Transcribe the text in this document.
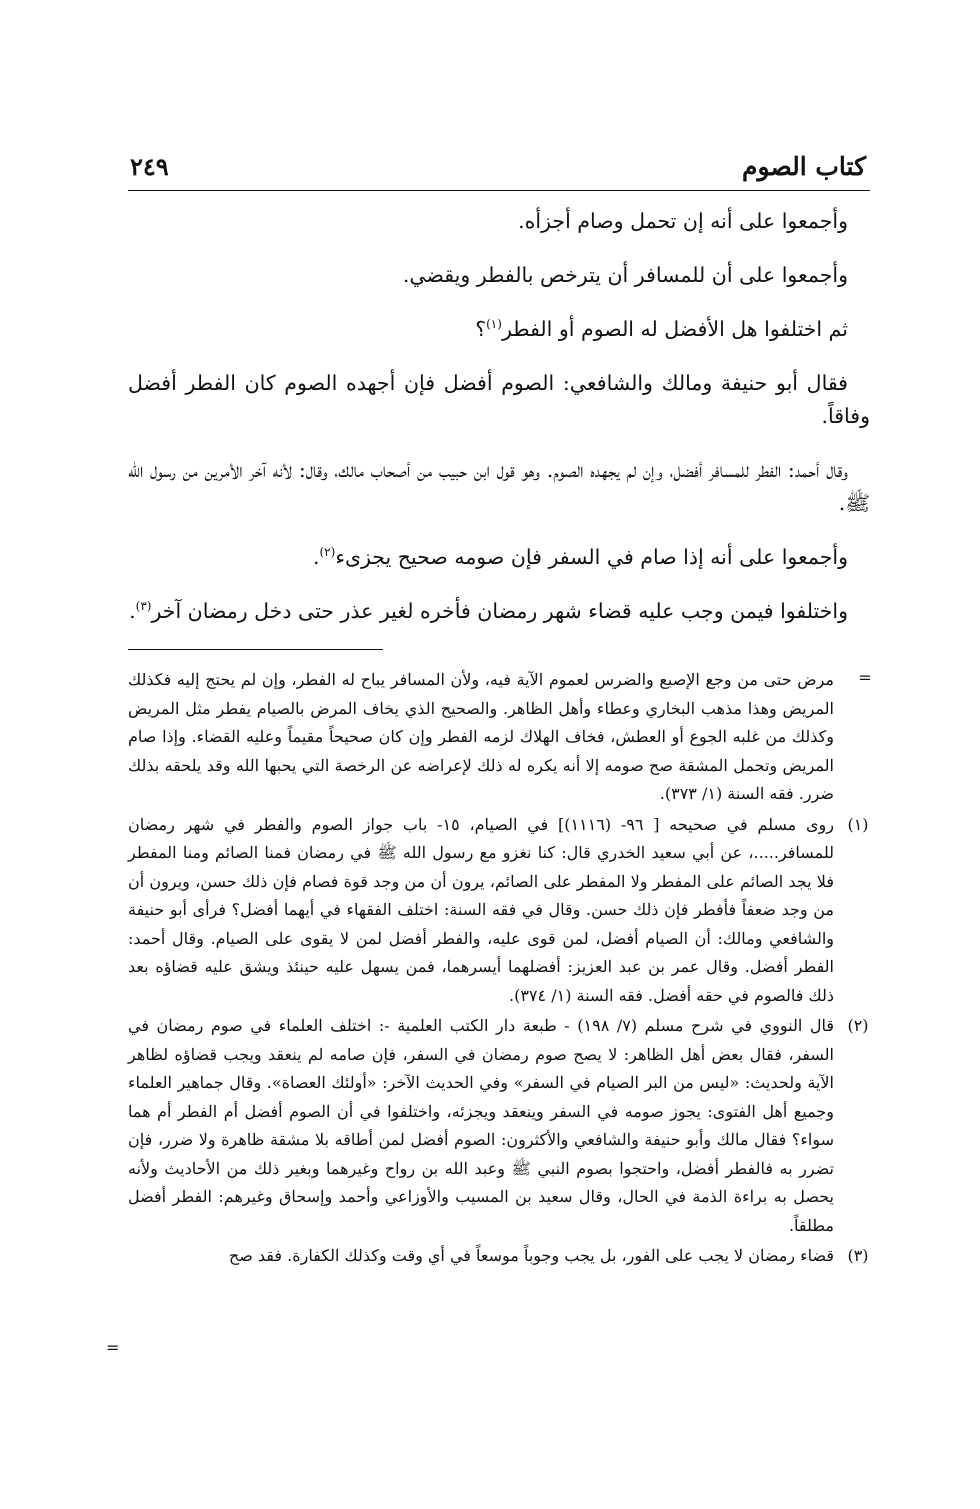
كتاب الصوم
٢٤٩

وأجمعوا على أنه إن تحمل وصام أجزأه.

وأجمعوا على أن للمسافر أن يترخص بالفطر ويقضي.

ثم اختلفوا هل الأفضل له الصوم أو الفطر$^{(١)}$؟

فقال أبو حنيفة ومالك والشافعي: الصوم أفضل فإن أجهده الصوم كان الفطر أفضل وفاقاً.

وقال أحمد: الفطر للمسافر أفضل، وإن لم يجهده الصوم. وهو قول ابن حبيب من أصحاب مالك، وقال: لأنه آخر الأمرين من رسول الله ﷺ.

وأجمعوا على أنه إذا صام في السفر فإن صومه صحيح يجزىء$^{(٢)}$.

واختلفوا فيمن وجب عليه قضاء شهر رمضان فأخره لغير عذر حتى دخل رمضان آخر$^{(٣)}$.

=
مرض حتى من وجع الإصبع والضرس لعموم الآية فيه، ولأن المسافر يباح له الفطر، وإن لم يحتج إليه فكذلك المريض وهذا مذهب البخاري وعطاء وأهل الظاهر. والصحيح الذي يخاف المرض بالصيام يفطر مثل المريض وكذلك من غلبه الجوع أو العطش، فخاف الهلاك لزمه الفطر وإن كان صحيحاً مقيماً وعليه القضاء. وإذا صام المريض وتحمل المشقة صح صومه إلا أنه يكره له ذلك لإعراضه عن الرخصة التي يحبها الله وقد يلحقه بذلك ضرر. فقه السنة (١/ ٣٧٣).
(١)
روى مسلم في صحيحه [ ٩٦- (١١١٦)] في الصيام، ١٥- باب جواز الصوم والفطر في شهر رمضان للمسافر.....، عن أبي سعيد الخدري قال: كنا نغزو مع رسول الله ﷺ في رمضان فمنا الصائم ومنا المفطر فلا يجد الصائم على المفطر ولا المفطر على الصائم، يرون أن من وجد قوة فصام فإن ذلك حسن، ويرون أن من وجد ضعفاً فأفطر فإن ذلك حسن. وقال في فقه السنة: اختلف الفقهاء في أيهما أفضل؟ فرأى أبو حنيفة والشافعي ومالك: أن الصيام أفضل، لمن قوى عليه، والفطر أفضل لمن لا يقوى على الصيام. وقال أحمد: الفطر أفضل. وقال عمر بن عبد العزيز: أفضلهما أيسرهما، فمن يسهل عليه حينئذ ويشق عليه قضاؤه بعد ذلك فالصوم في حقه أفضل. فقه السنة (١/ ٣٧٤).
(٢)
قال النووي في شرح مسلم (٧/ ١٩٨) - طبعة دار الكتب العلمية -: اختلف العلماء في صوم رمضان في السفر، فقال بعض أهل الظاهر: لا يصح صوم رمضان في السفر، فإن صامه لم ينعقد ويجب قضاؤه لظاهر الآية ولحديث: «ليس من البر الصيام في السفر» وفي الحديث الآخر: «أولئك العصاة». وقال جماهير العلماء وجميع أهل الفتوى: يجوز صومه في السفر وينعقد ويجزئه، واختلفوا في أن الصوم أفضل أم الفطر أم هما سواء؟ فقال مالك وأبو حنيفة والشافعي والأكثرون: الصوم أفضل لمن أطاقه بلا مشقة ظاهرة ولا ضرر، فإن تضرر به فالفطر أفضل، واحتجوا بصوم النبي ﷺ وعبد الله بن رواح وغيرهما وبغير ذلك من الأحاديث ولأنه يحصل به براءة الذمة في الحال، وقال سعيد بن المسيب والأوزاعي وأحمد وإسحاق وغيرهم: الفطر أفضل مطلقاً.
(٣)
قضاء رمضان لا يجب على الفور، بل يجب وجوباً موسعاً في أي وقت وكذلك الكفارة. فقد صح
=
